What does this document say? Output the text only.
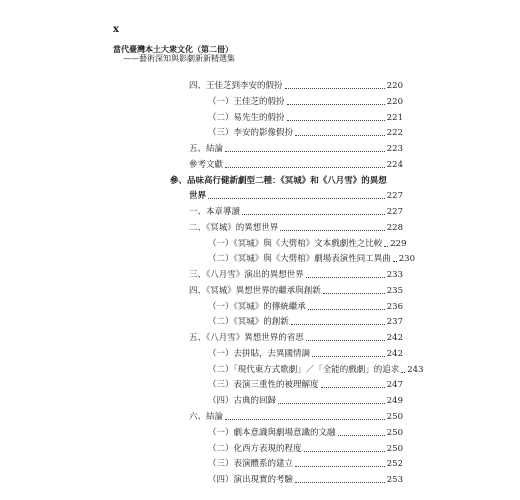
x
當代臺灣本土大衆文化（第二冊）
——藝術深知與影劇新新精選集
四、王佳芝到李安的假扮	220
（一）王佳芝的假扮	220
（二）易先生的假扮	221
（三）李安的影像假扮	222
五、結論	223
參考文獻	224
參、品味高行健新劇型二種：《冥城》和《八月雪》的異想
世界	227
一、本章導讀	227
二、《冥城》的異想世界	228
（一）《冥城》與《大劈棺》文本戲劇性之比較 229
（二）《冥城》與《大劈棺》劇場表演性同工異曲 230
三、《八月雪》演出的異想世界	233
四、《冥城》異想世界的繼承與創新	235
（一）《冥城》的傳統繼承	236
（二）《冥城》的創新	237
五、《八月雪》異想世界的省思	242
（一）去拼貼，去異國情調	242
（二）「現代東方式歌劇」／「全能的戲劇」的追求 243
（三）表演三重性的被理解度	247
（四）古典的回歸	249
六、結論	250
（一）劇本意識與劇場意識的文融	250
（二）化西方表現的程度	250
（三）表演體系的建立	252
（四）演出現實的考驗	253
